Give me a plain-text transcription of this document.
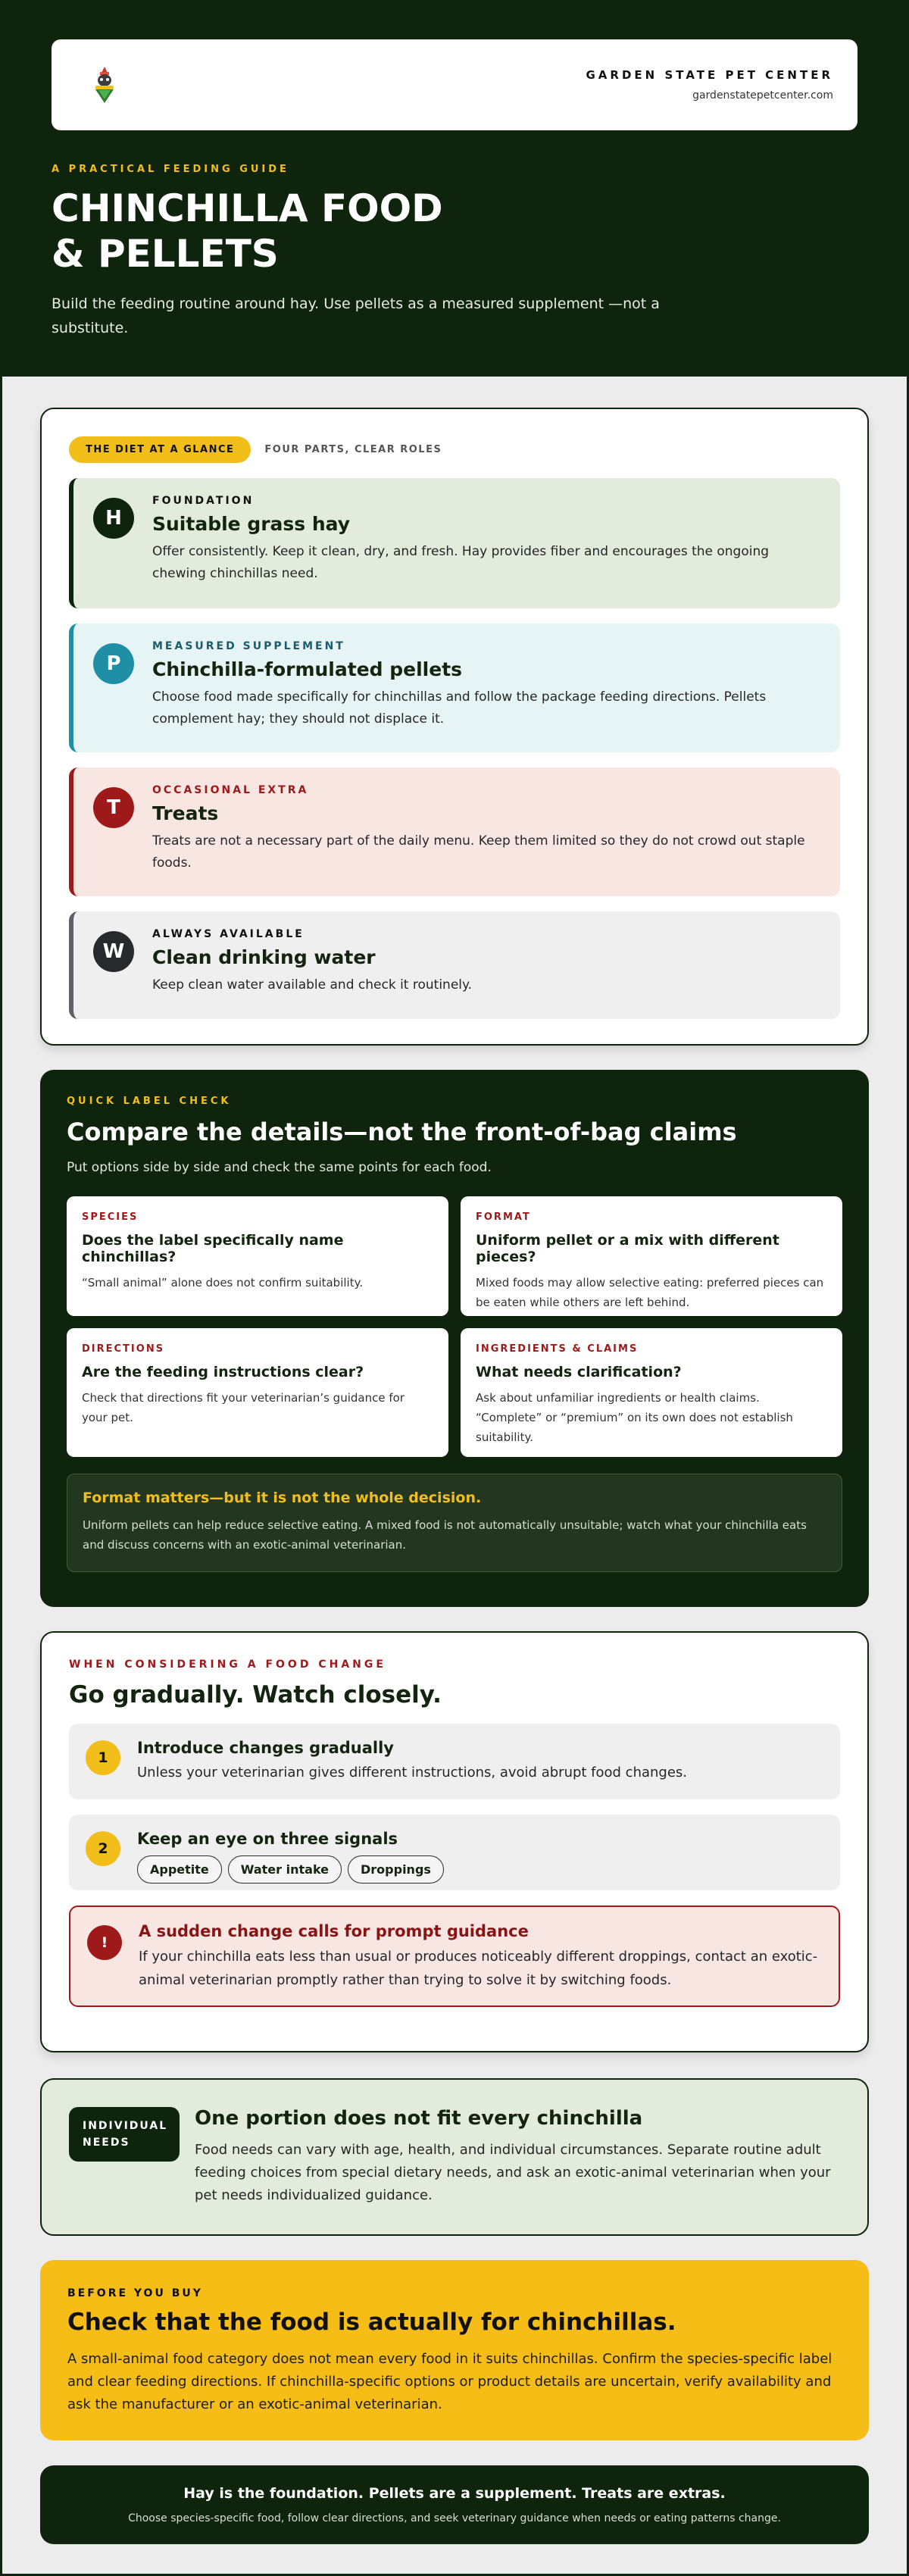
GARDEN STATE PET CENTER
gardenstatepetcenter.com
A PRACTICAL FEEDING GUIDE
CHINCHILLA FOOD
& PELLETS

Build the feeding routine around hay. Use pellets as a measured supplement —not a substitute.

THE DIET AT A GLANCE	FOUR PARTS, CLEAR ROLES
H
FOUNDATION
Suitable grass hay
Offer consistently. Keep it clean, dry, and fresh. Hay provides fiber and encourages the ongoing chewing chinchillas need.
P
MEASURED SUPPLEMENT
Chinchilla-formulated pellets
Choose food made specifically for chinchillas and follow the package feeding directions. Pellets complement hay; they should not displace it.
T
OCCASIONAL EXTRA
Treats
Treats are not a necessary part of the daily menu. Keep them limited so they do not crowd out staple foods.
W
ALWAYS AVAILABLE
Clean drinking water
Keep clean water available and check it routinely.
QUICK LABEL CHECK
Compare the details—not the front-of-bag claims

Put options side by side and check the same points for each food.

SPECIES
Does the label specifically name chinchillas?
“Small animal” alone does not confirm suitability.
FORMAT
Uniform pellet or a mix with different pieces?
Mixed foods may allow selective eating: preferred pieces can be eaten while others are left behind.
DIRECTIONS
Are the feeding instructions clear?
Check that directions fit your veterinarian’s guidance for your pet.
INGREDIENTS & CLAIMS
What needs clarification?
Ask about unfamiliar ingredients or health claims. “Complete” or “premium” on its own does not establish suitability.
Format matters—but it is not the whole decision.
Uniform pellets can help reduce selective eating. A mixed food is not automatically unsuitable; watch what your chinchilla eats and discuss concerns with an exotic-animal veterinarian.
WHEN CONSIDERING A FOOD CHANGE
Go gradually. Watch closely.
1
Introduce changes gradually
Unless your veterinarian gives different instructions, avoid abrupt food changes.
2
Keep an eye on three signals
Appetite	Water intake	Droppings
!
A sudden change calls for prompt guidance
If your chinchilla eats less than usual or produces noticeably different droppings, contact an exotic-animal veterinarian promptly rather than trying to solve it by switching foods.
INDIVIDUAL
NEEDS
One portion does not fit every chinchilla
Food needs can vary with age, health, and individual circumstances. Separate routine adult feeding choices from special dietary needs, and ask an exotic-animal veterinarian when your pet needs individualized guidance.
BEFORE YOU BUY
Check that the food is actually for chinchillas.

A small-animal food category does not mean every food in it suits chinchillas. Confirm the species-specific label and clear feeding directions. If chinchilla-specific options or product details are uncertain, verify availability and ask the manufacturer or an exotic-animal veterinarian.

Hay is the foundation. Pellets are a supplement. Treats are extras.
Choose species-specific food, follow clear directions, and seek veterinary guidance when needs or eating patterns change.
